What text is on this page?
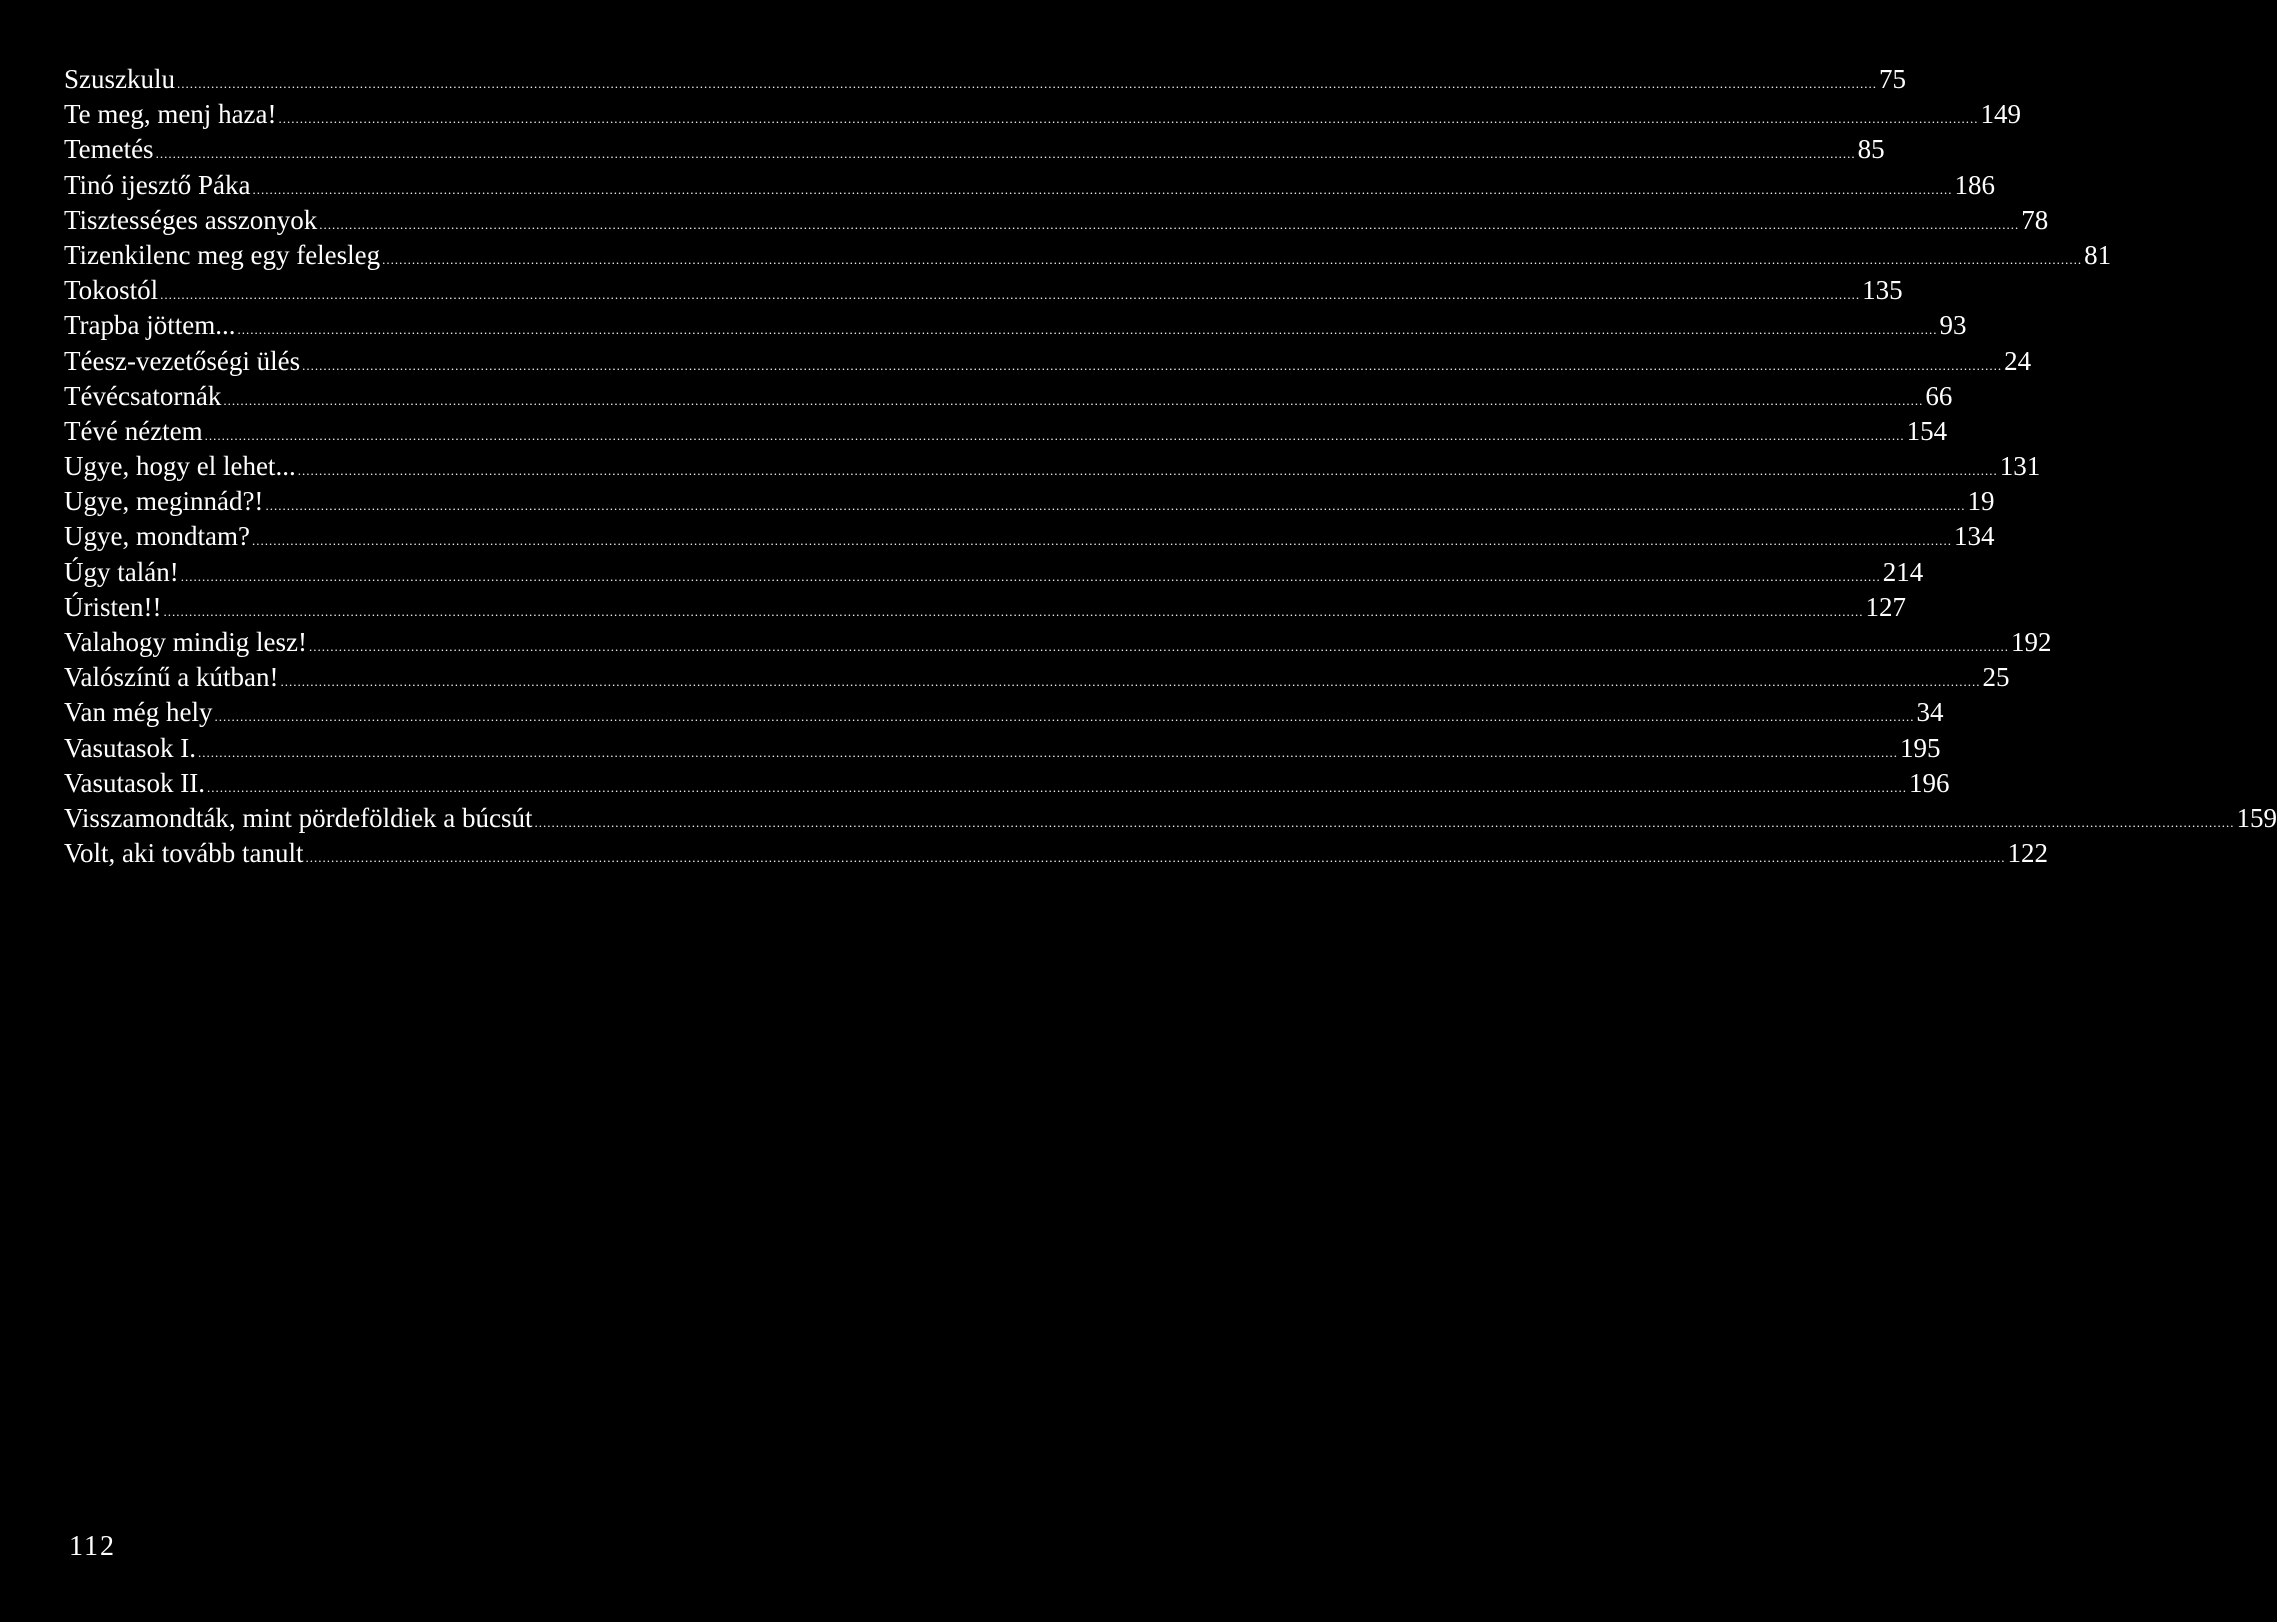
Szuszkulu ................................................................................................................................................................................................................................................................................................................................................................................................................ 75
Te meg, menj haza! ................................................................................................................................................................................................................................................................................................................................................................................................................ 149
Temetés ................................................................................................................................................................................................................................................................................................................................................................................................................ 85
Tinó ijesztő Páka ................................................................................................................................................................................................................................................................................................................................................................................................................ 186
Tisztességes asszonyok ................................................................................................................................................................................................................................................................................................................................................................................................................ 78
Tizenkilenc meg egy felesleg ................................................................................................................................................................................................................................................................................................................................................................................................................ 81
Tokostól ................................................................................................................................................................................................................................................................................................................................................................................................................ 135
Trapba jöttem... ................................................................................................................................................................................................................................................................................................................................................................................................................ 93
Téesz-vezetőségi ülés ................................................................................................................................................................................................................................................................................................................................................................................................................ 24
Tévécsatornák ................................................................................................................................................................................................................................................................................................................................................................................................................ 66
Tévé néztem ................................................................................................................................................................................................................................................................................................................................................................................................................ 154
Ugye, hogy el lehet... ................................................................................................................................................................................................................................................................................................................................................................................................................ 131
Ugye, meginnád?! ................................................................................................................................................................................................................................................................................................................................................................................................................ 19
Ugye, mondtam? ................................................................................................................................................................................................................................................................................................................................................................................................................ 134
Úgy talán! ................................................................................................................................................................................................................................................................................................................................................................................................................ 214
Úristen!! ................................................................................................................................................................................................................................................................................................................................................................................................................ 127
Valahogy mindig lesz! ................................................................................................................................................................................................................................................................................................................................................................................................................ 192
Valószínű a kútban! ................................................................................................................................................................................................................................................................................................................................................................................................................ 25
Van még hely ................................................................................................................................................................................................................................................................................................................................................................................................................ 34
Vasutasok I. ................................................................................................................................................................................................................................................................................................................................................................................................................ 195
Vasutasok II. ................................................................................................................................................................................................................................................................................................................................................................................................................ 196
Visszamondták, mint pördeföldiek a búcsút ................................................................................................................................................................................................................................................................................................................................................................................................................ 159
Volt, aki tovább tanult ................................................................................................................................................................................................................................................................................................................................................................................................................ 122
112
